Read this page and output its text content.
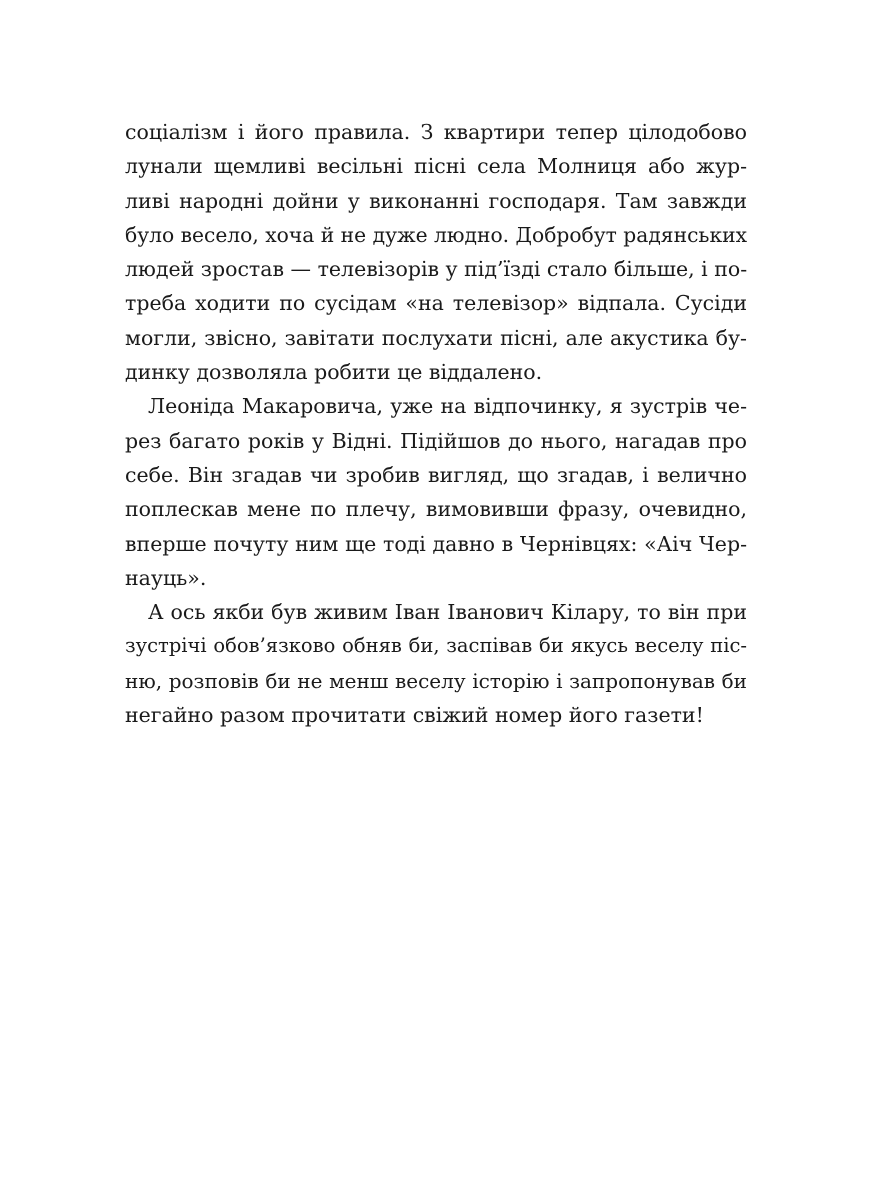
соціалізм і його правила. З квартири тепер цілодобово
лунали щемливі весільні пісні села Молниця або жур-
ливі народні дойни у виконанні господаря. Там завжди
було весело, хоча й не дуже людно. Добробут радянських
людей зростав — телевізорів у під’їзді стало більше, і по-
треба ходити по сусідам «на телевізор» відпала. Сусіди
могли, звісно, завітати послухати пісні, але акустика бу-
динку дозволяла робити це віддалено.
Леоніда Макаровича, уже на відпочинку, я зустрів че-
рез багато років у Відні. Підійшов до нього, нагадав про
себе. Він згадав чи зробив вигляд, що згадав, і велично
поплескав мене по плечу, вимовивши фразу, очевидно,
вперше почуту ним ще тоді давно в Чернівцях: «Аіч Чер-
науць».
А ось якби був живим Іван Іванович Кілару, то він при
зустрічі обов’язково обняв би, заспівав би якусь веселу піс-
ню, розповів би не менш веселу історію і запропонував би
негайно разом прочитати свіжий номер його газети!
